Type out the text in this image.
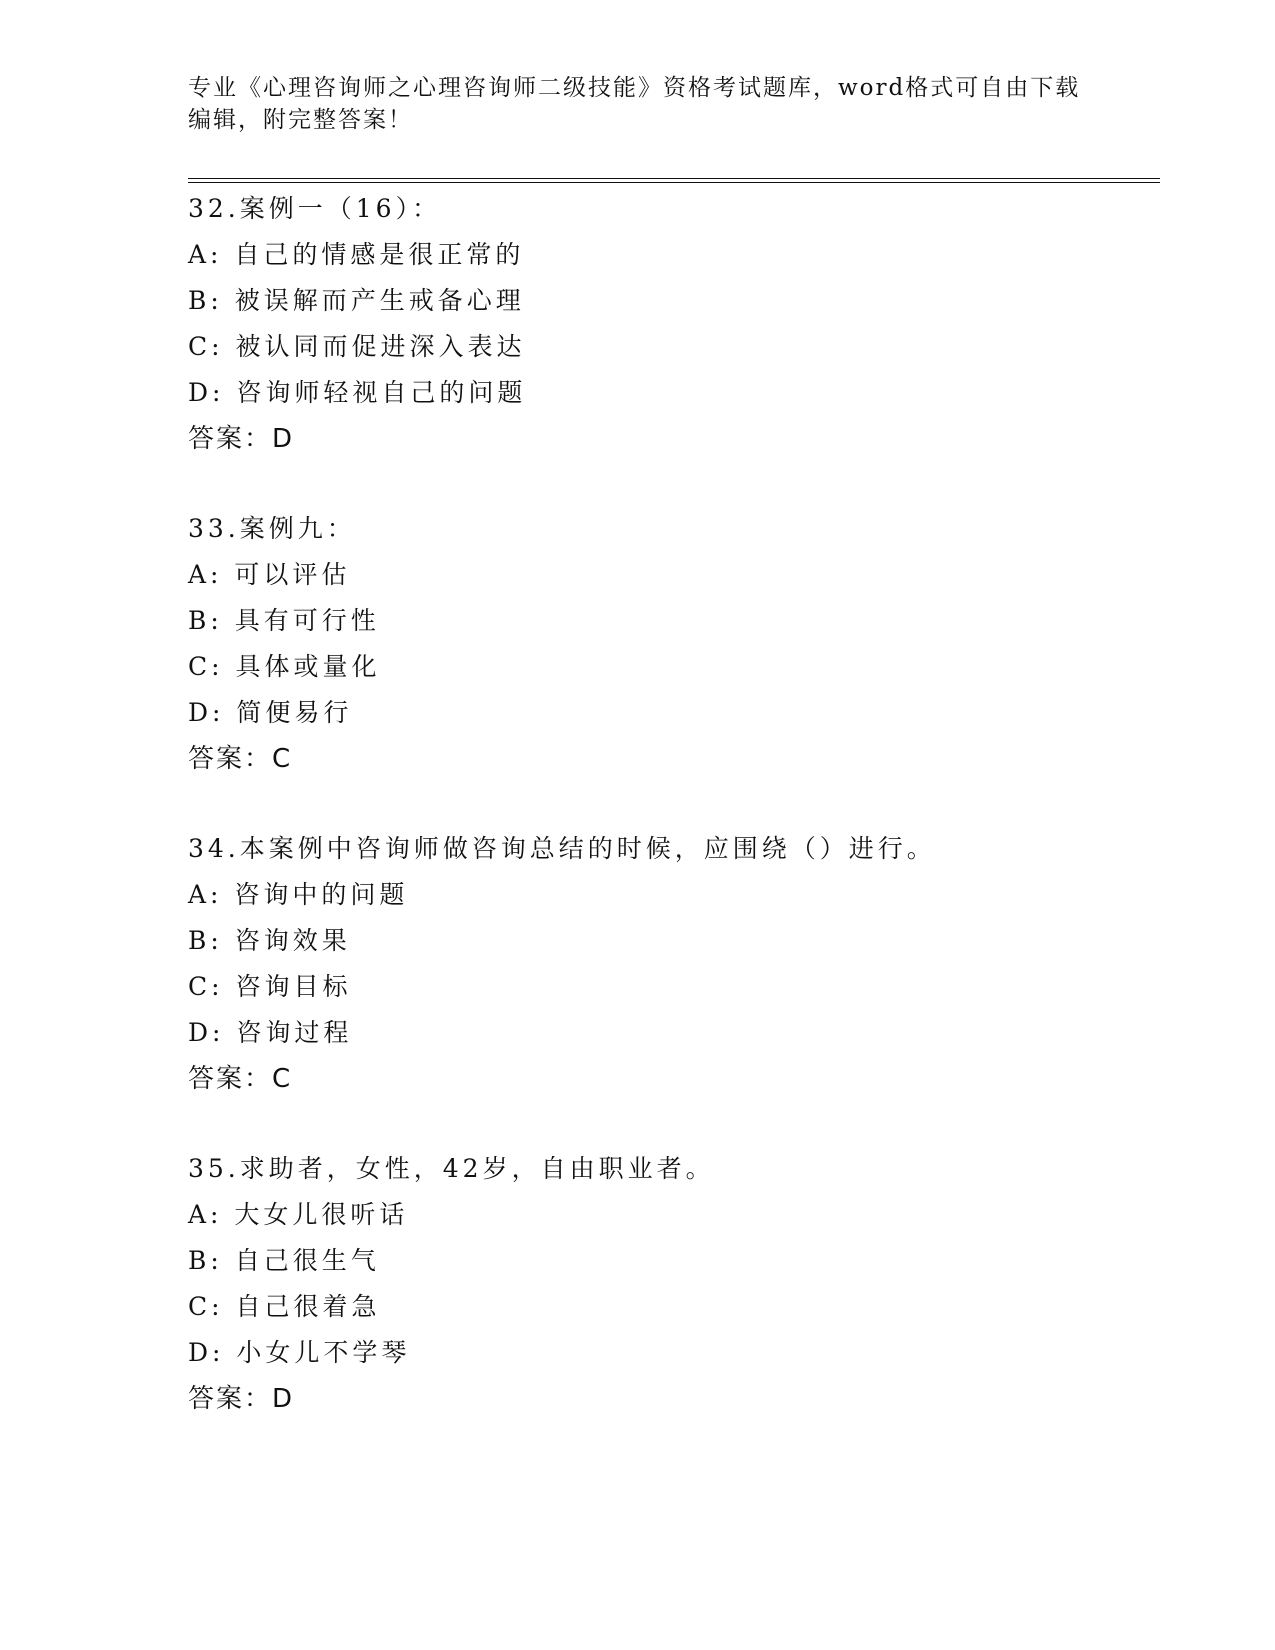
专业《心理咨询师之心理咨询师二级技能》资格考试题库，word格式可自由下载
编辑，附完整答案！
32.案例一（16）：
A: 自己的情感是很正常的
B: 被误解而产生戒备心理
C: 被认同而促进深入表达
D: 咨询师轻视自己的问题
答案：D
33.案例九：
A: 可以评估
B: 具有可行性
C: 具体或量化
D: 简便易行
答案：C
34.本案例中咨询师做咨询总结的时候，应围绕（）进行。
A: 咨询中的问题
B: 咨询效果
C: 咨询目标
D: 咨询过程
答案：C
35.求助者，女性，42岁，自由职业者。
A: 大女儿很听话
B: 自己很生气
C: 自己很着急
D: 小女儿不学琴
答案：D
